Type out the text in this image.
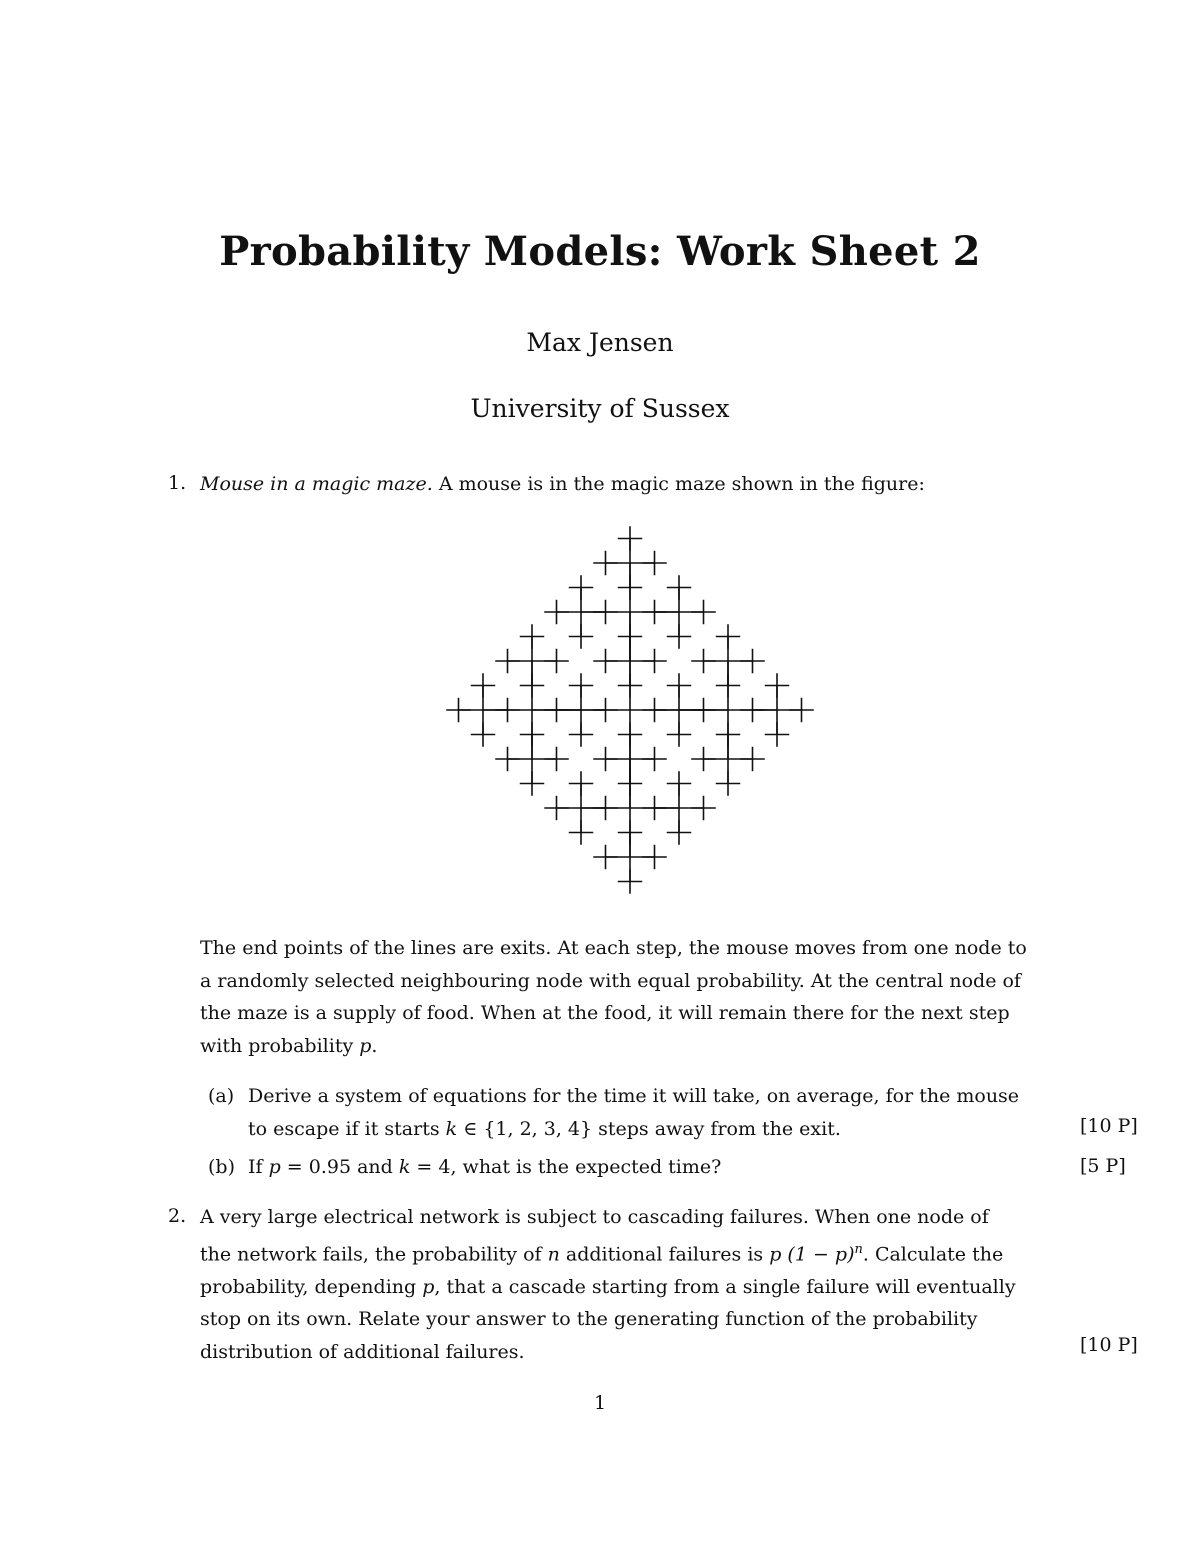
Probability Models: Work Sheet 2
Max Jensen
University of Sussex
1. Mouse in a magic maze. A mouse is in the magic maze shown in the figure:
The end points of the lines are exits. At each step, the mouse moves from one node to
a randomly selected neighbouring node with equal probability. At the central node of
the maze is a supply of food. When at the food, it will remain there for the next step
with probability p.
(a) Derive a system of equations for the time it will take, on average, for the mouse
to escape if it starts k ∈ {1, 2, 3, 4} steps away from the exit.	[10 P]
(b) If p = 0.95 and k = 4, what is the expected time?	[5 P]
2. A very large electrical network is subject to cascading failures. When one node of
the network fails, the probability of n additional failures is p $(1 - p)^n$. Calculate the
probability, depending p, that a cascade starting from a single failure will eventually
stop on its own. Relate your answer to the generating function of the probability
distribution of additional failures.	[10 P]
1
